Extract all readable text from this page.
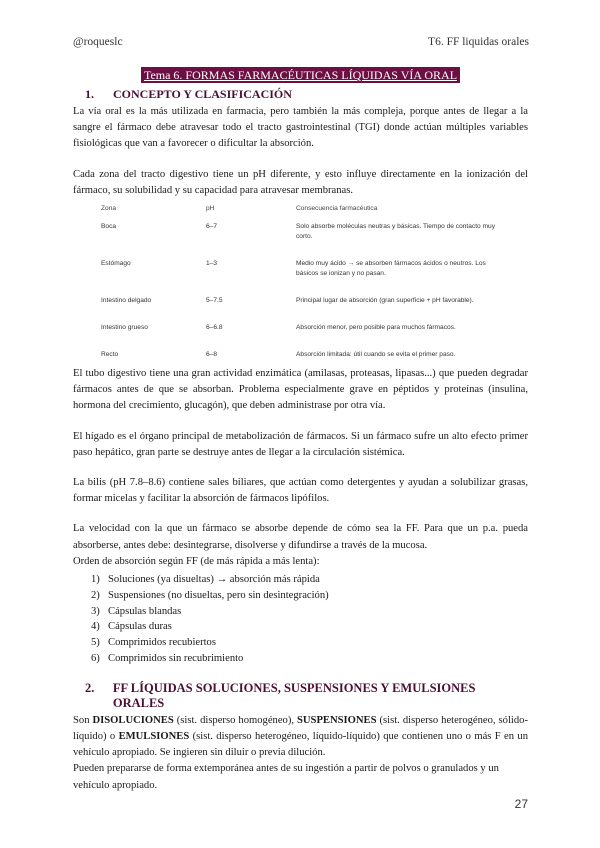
@roqueslc	T6. FF liquidas orales
Tema 6. FORMAS FARMACÉUTICAS LÍQUIDAS VÍA ORAL
1.	CONCEPTO Y CLASIFICACIÓN

La vía oral es la más utilizada en farmacia, pero también la más compleja, porque antes de llegar a la sangre el fármaco debe atravesar todo el tracto gastrointestinal (TGI) donde actúan múltiples variables fisiológicas que van a favorecer o dificultar la absorción.

Cada zona del tracto digestivo tiene un pH diferente, y esto influye directamente en la ionización del fármaco, su solubilidad y su capacidad para atravesar membranas.

Zona	pH	Consecuencia farmacéutica
Boca	6–7	Solo absorbe moléculas neutras y básicas. Tiempo de contacto muy corto.
Estómago	1–3	Medio muy ácido → se absorben fármacos ácidos o neutros. Los básicos se ionizan y no pasan.
Intestino delgado	5–7.5	Principal lugar de absorción (gran superficie + pH favorable).
Intestino grueso	6–6.8	Absorción menor, pero posible para muchos fármacos.
Recto	6–8	Absorción limitada: útil cuando se evita el primer paso.

El tubo digestivo tiene una gran actividad enzimática (amilasas, proteasas, lipasas...) que pueden degradar fármacos antes de que se absorban. Problema especialmente grave en péptidos y proteínas (insulina, hormona del crecimiento, glucagón), que deben administrase por otra vía.

El hígado es el órgano principal de metabolización de fármacos. Si un fármaco sufre un alto efecto primer paso hepático, gran parte se destruye antes de llegar a la circulación sistémica.

La bilis (pH 7.8–8.6) contiene sales biliares, que actúan como detergentes y ayudan a solubilizar grasas, formar micelas y facilitar la absorción de fármacos lipófilos.

La velocidad con la que un fármaco se absorbe depende de cómo sea la FF. Para que un p.a. pueda absorberse, antes debe: desintegrarse, disolverse y difundirse a través de la mucosa.

Orden de absorción según FF (de más rápida a más lenta):

1) Soluciones (ya disueltas) → absorción más rápida
2) Suspensiones (no disueltas, pero sin desintegración)
3) Cápsulas blandas
4) Cápsulas duras
5) Comprimidos recubiertos
6) Comprimidos sin recubrimiento
2.	FF LÍQUIDAS SOLUCIONES, SUSPENSIONES Y EMULSIONES ORALES

Son DISOLUCIONES (sist. disperso homogéneo), SUSPENSIONES (sist. disperso heterogéneo, sólido-líquido) o EMULSIONES (sist. disperso heterogéneo, líquido-líquido) que contienen uno o más F en un vehículo apropiado. Se ingieren sin diluir o previa dilución.

Pueden prepararse de forma extemporánea antes de su ingestión a partir de polvos o granulados y un vehículo apropiado.

27
